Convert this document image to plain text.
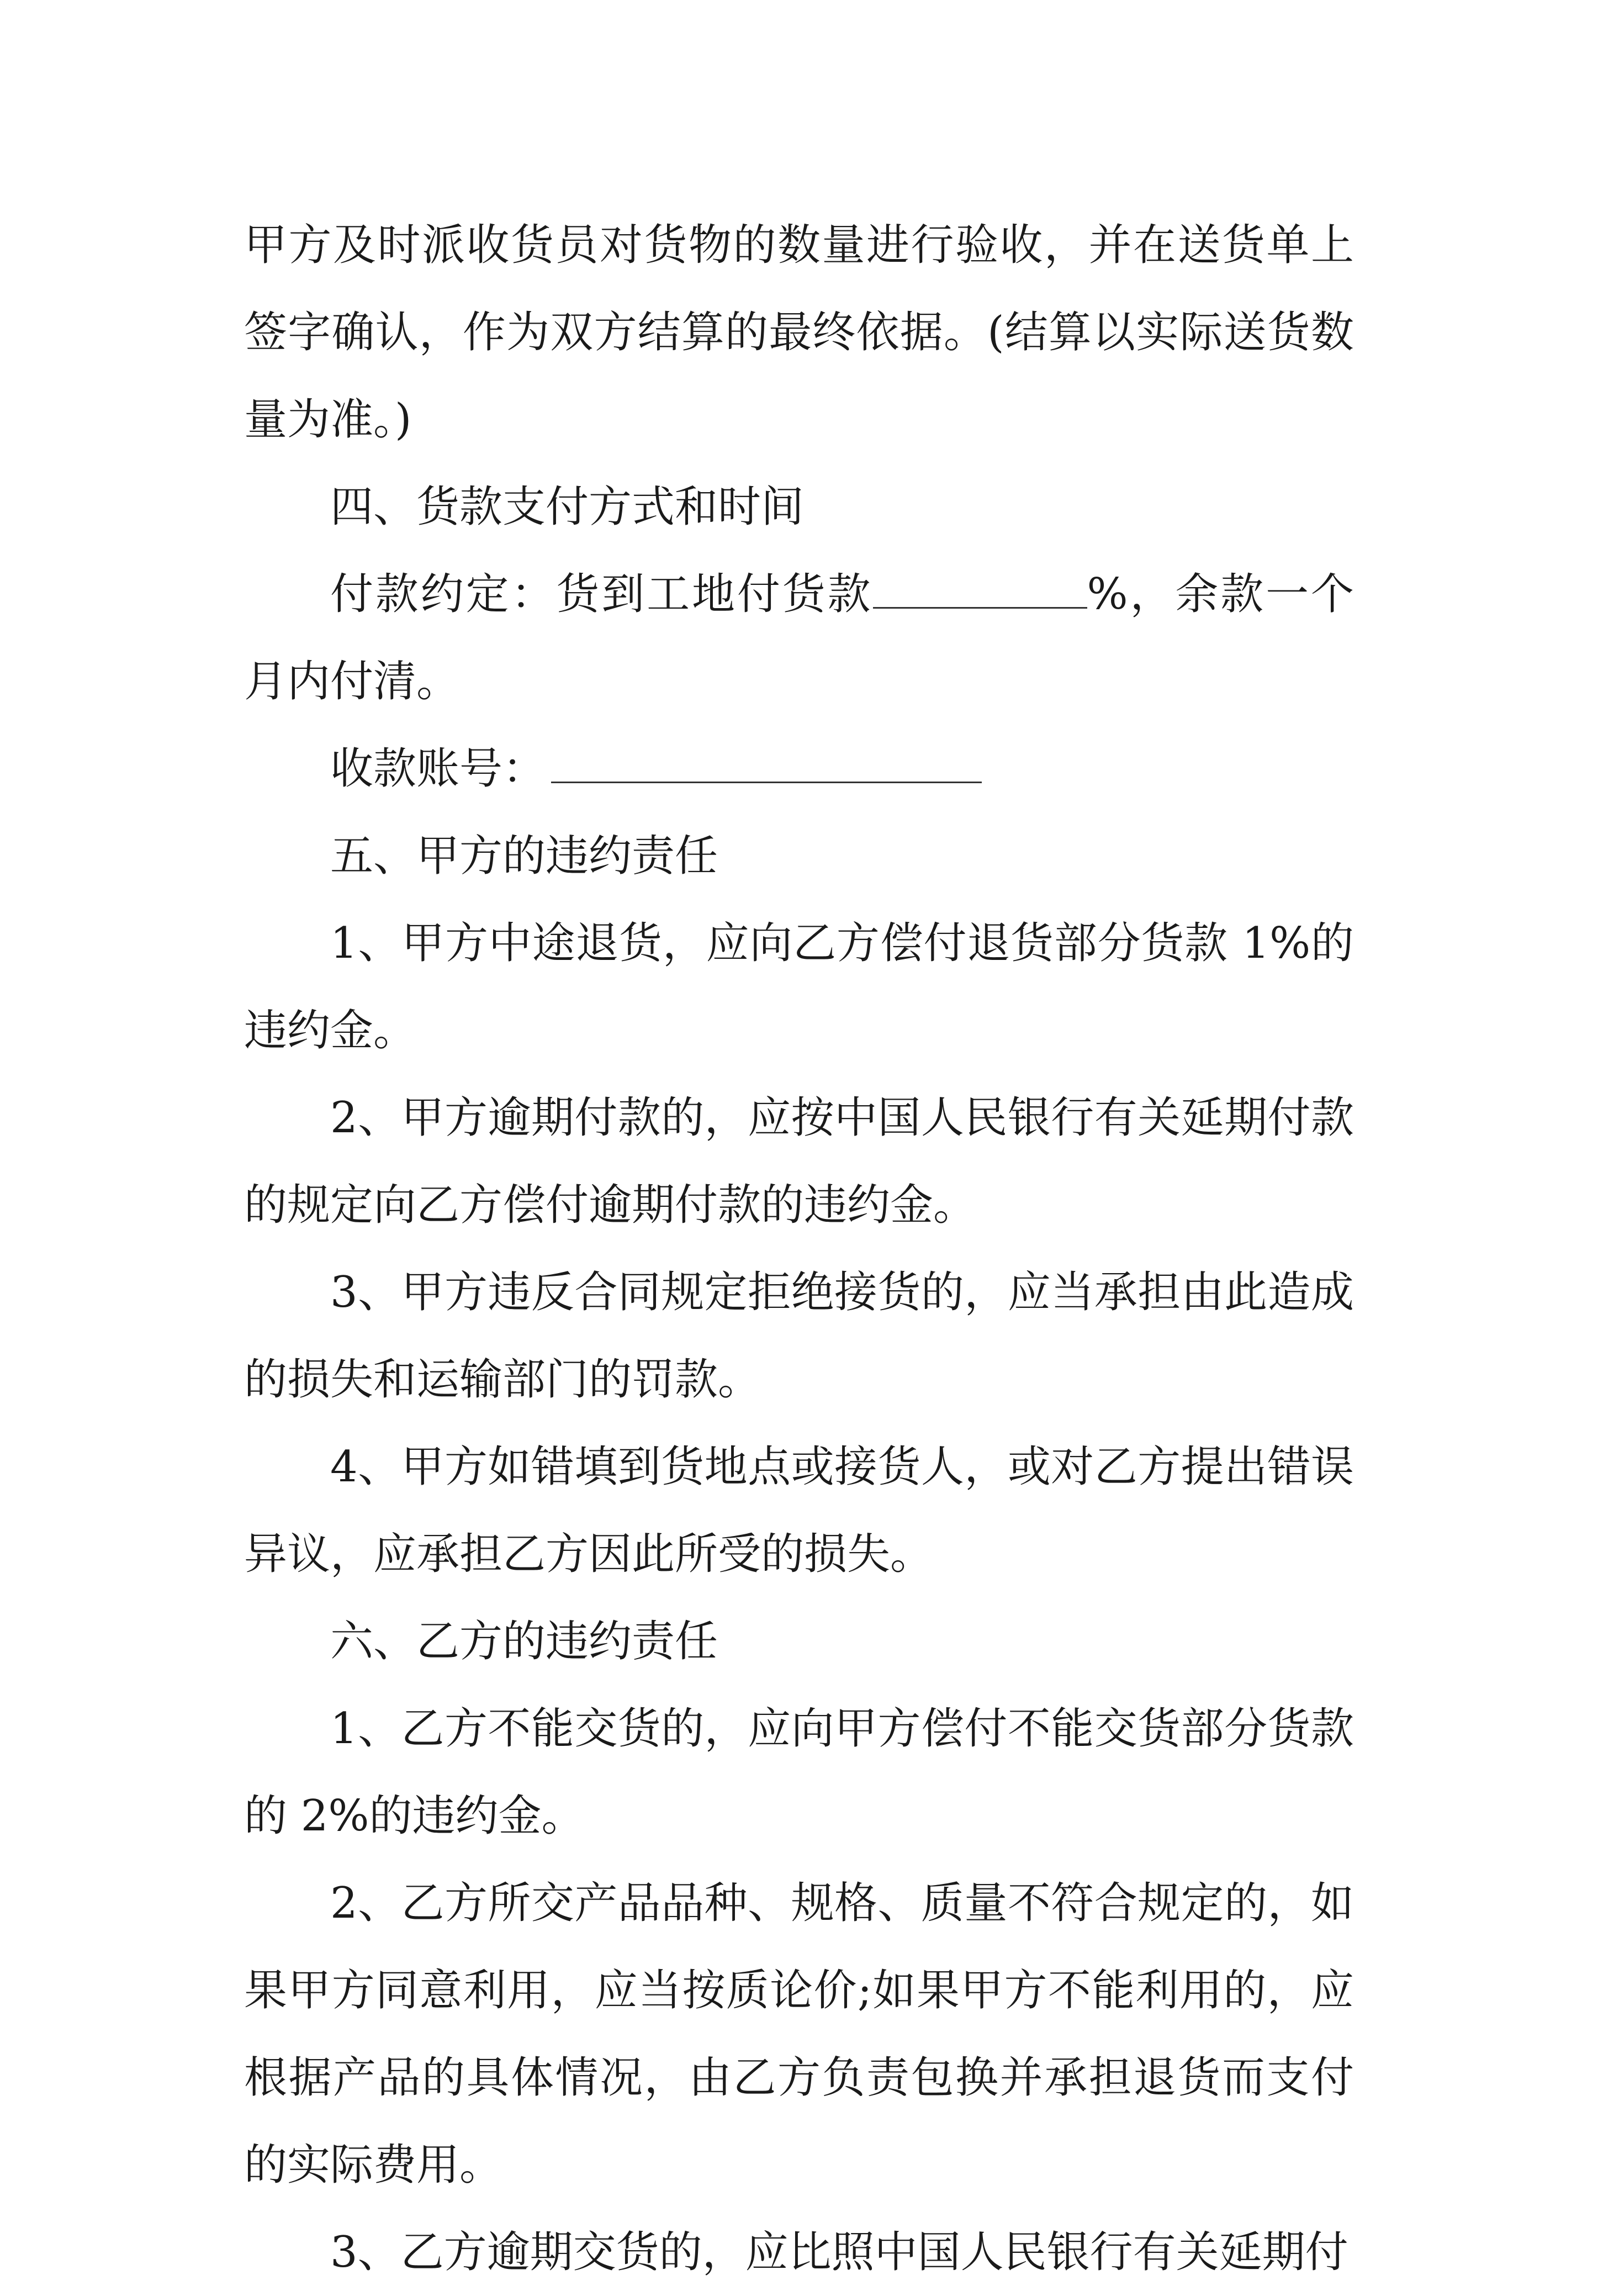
甲方及时派收货员对货物的数量进行验收，并在送货单上签字确认，作为双方结算的最终依据。(结算以实际送货数量为准。)

四、货款支付方式和时间

付款约定：货到工地付货款	%，余款一个月内付清。

收款账号：

五、甲方的违约责任

1、甲方中途退货，应向乙方偿付退货部分货款 1%的违约金。

2、甲方逾期付款的，应按中国人民银行有关延期付款的规定向乙方偿付逾期付款的违约金。

3、甲方违反合同规定拒绝接货的，应当承担由此造成的损失和运输部门的罚款。

4、甲方如错填到货地点或接货人，或对乙方提出错误异议，应承担乙方因此所受的损失。

六、乙方的违约责任

1、乙方不能交货的，应向甲方偿付不能交货部分货款的 2%的违约金。

2、乙方所交产品品种、规格、质量不符合规定的，如果甲方同意利用，应当按质论价;如果甲方不能利用的，应根据产品的具体情况，由乙方负责包换并承担退货而支付的实际费用。

3、乙方逾期交货的，应比照中国人民银行有关延期付
